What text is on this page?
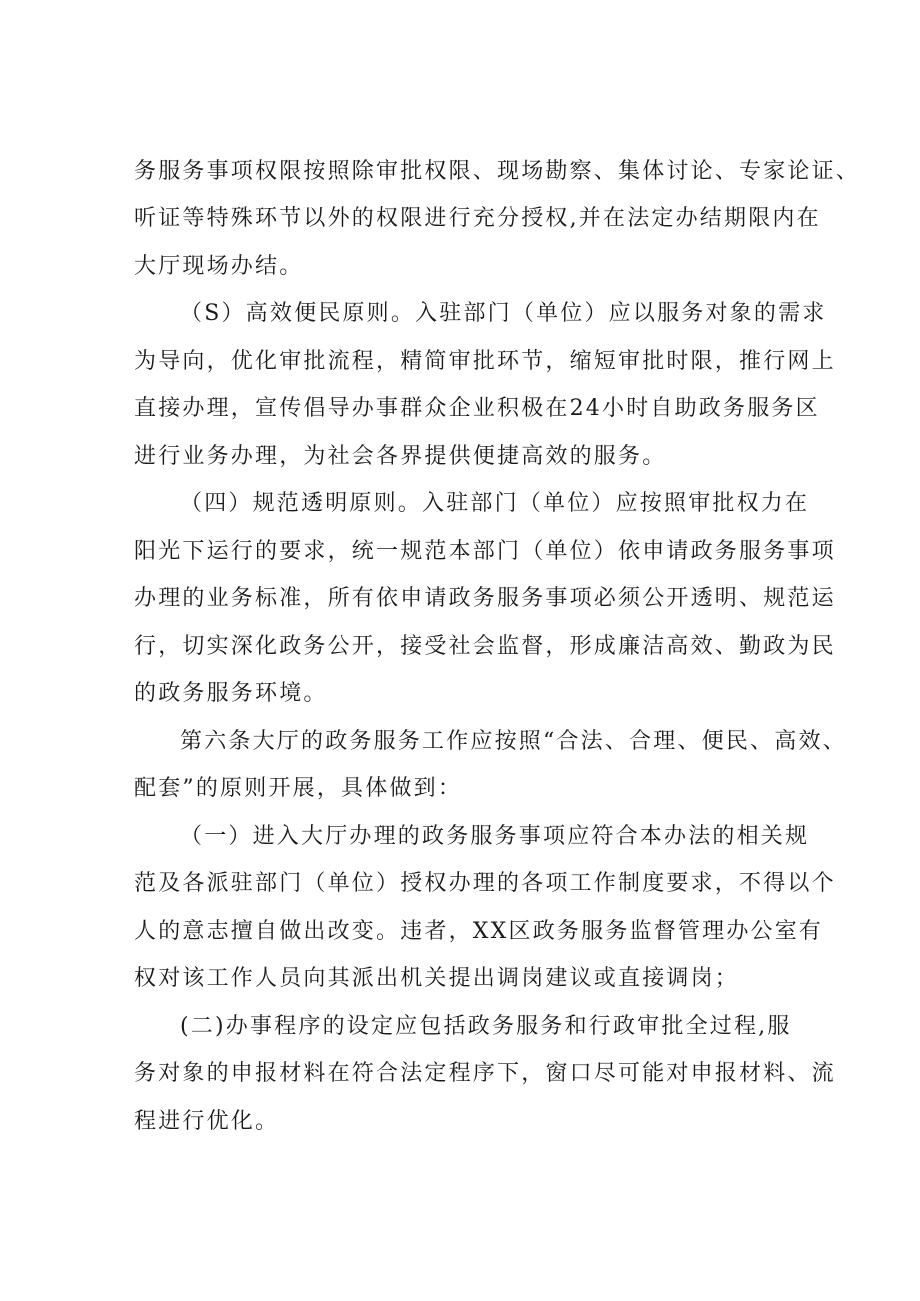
务服务事项权限按照除审批权限、现场勘察、集体讨论、专家论证、
听证等特殊环节以外的权限进行充分授权,并在法定办结期限内在
大厅现场办结。
（S）高效便民原则。入驻部门（单位）应以服务对象的需求
为导向，优化审批流程，精简审批环节，缩短审批时限，推行网上
直接办理，宣传倡导办事群众企业积极在24小时自助政务服务区
进行业务办理，为社会各界提供便捷高效的服务。
（四）规范透明原则。入驻部门（单位）应按照审批权力在
阳光下运行的要求，统一规范本部门（单位）依申请政务服务事项
办理的业务标准，所有依申请政务服务事项必须公开透明、规范运
行，切实深化政务公开，接受社会监督，形成廉洁高效、勤政为民
的政务服务环境。
第六条大厅的政务服务工作应按照“合法、合理、便民、高效、
配套”的原则开展，具体做到：
（一）进入大厅办理的政务服务事项应符合本办法的相关规
范及各派驻部门（单位）授权办理的各项工作制度要求，不得以个
人的意志擅自做出改变。违者，XX区政务服务监督管理办公室有
权对该工作人员向其派出机关提出调岗建议或直接调岗；
(二)办事程序的设定应包括政务服务和行政审批全过程,服
务对象的申报材料在符合法定程序下，窗口尽可能对申报材料、流
程进行优化。
